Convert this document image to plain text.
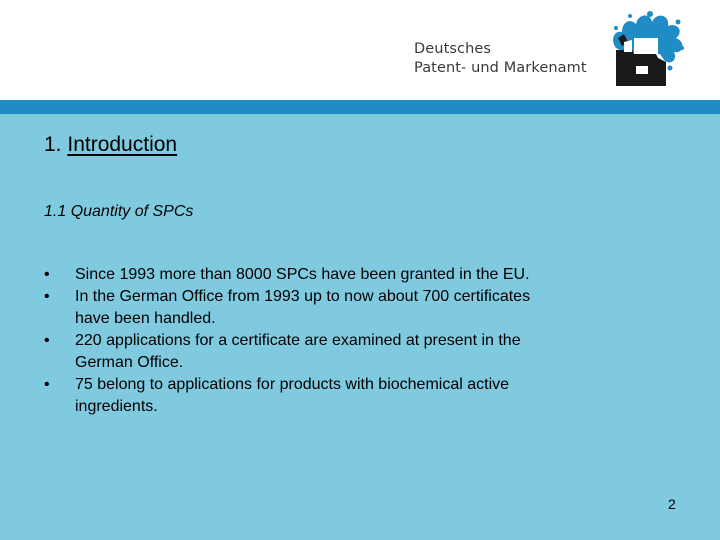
Deutsches
Patent- und Markenamt
1. Introduction
1.1 Quantity of SPCs
•	Since 1993 more than 8000 SPCs have been granted in the EU.
•	In the German Office from 1993 up to now about 700 certificates
have been handled.
•	220 applications for a certificate are examined at present in the
German Office.
•	75 belong to applications for products with biochemical active
ingredients.
2
